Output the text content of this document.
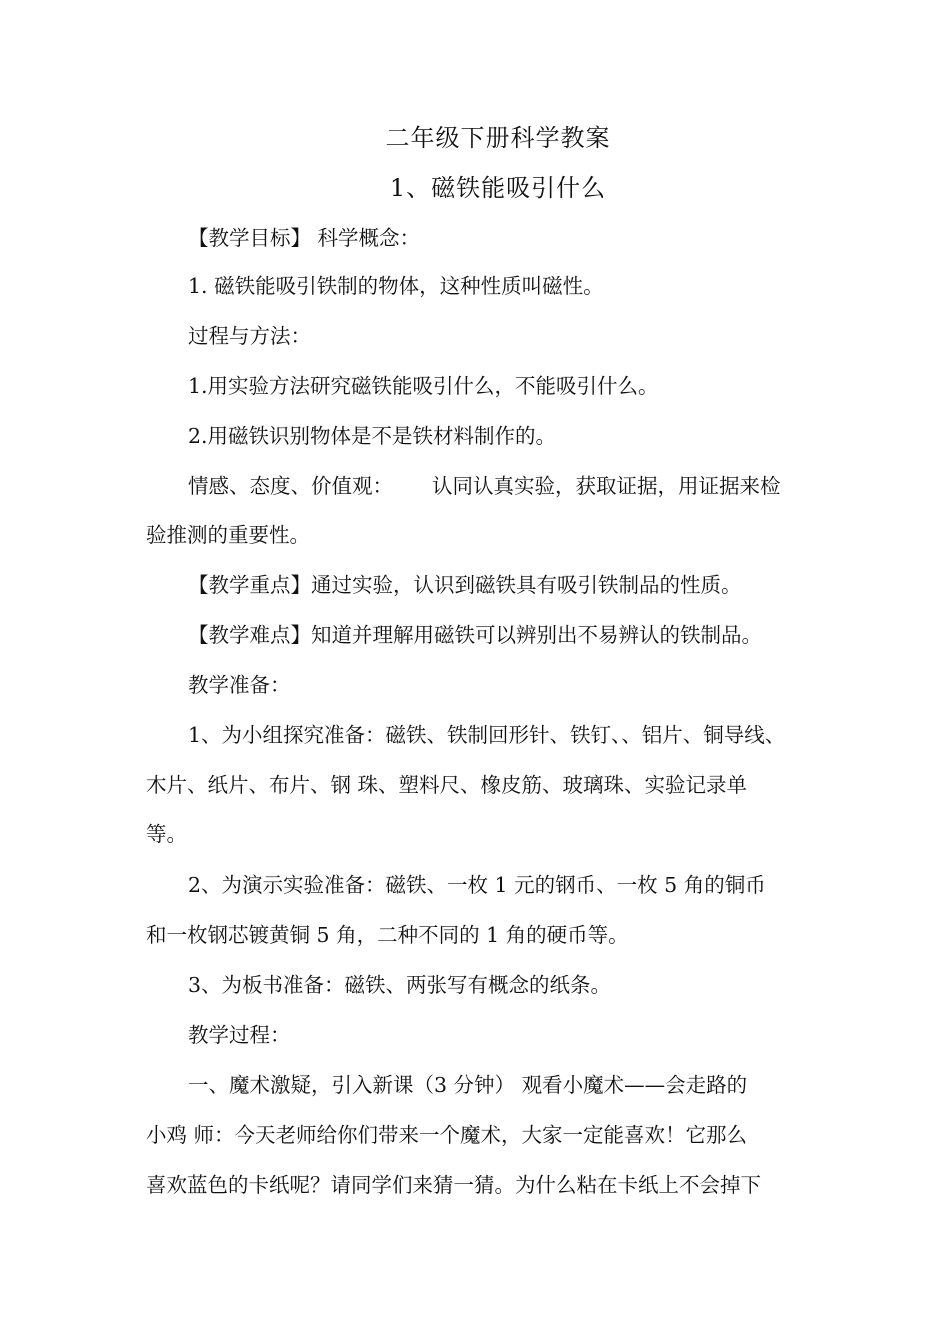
二年级下册科学教案
1、磁铁能吸引什么
【教学目标】 科学概念：
1. 磁铁能吸引铁制的物体，这种性质叫磁性。
过程与方法：
1.用实验方法研究磁铁能吸引什么，不能吸引什么。
2.用磁铁识别物体是不是铁材料制作的。
情感、态度、价值观： 认同认真实验，获取证据，用证据来检
验推测的重要性。
【教学重点】通过实验，认识到磁铁具有吸引铁制品的性质。
【教学难点】知道并理解用磁铁可以辨别出不易辨认的铁制品。
教学准备：
1、为小组探究准备：磁铁、铁制回形针、铁钉、、铝片、铜导线、
木片、纸片、布片、钢 珠、塑料尺、橡皮筋、玻璃珠、实验记录单
等。
2、为演示实验准备：磁铁、一枚 1 元的钢币、一枚 5 角的铜币
和一枚钢芯镀黄铜 5 角，二种不同的 1 角的硬币等。
3、为板书准备：磁铁、两张写有概念的纸条。
教学过程：
一、魔术激疑，引入新课（3 分钟） 观看小魔术——会走路的
小鸡 师：今天老师给你们带来一个魔术，大家一定能喜欢！它那么
喜欢蓝色的卡纸呢？请同学们来猜一猜。为什么粘在卡纸上不会掉下
